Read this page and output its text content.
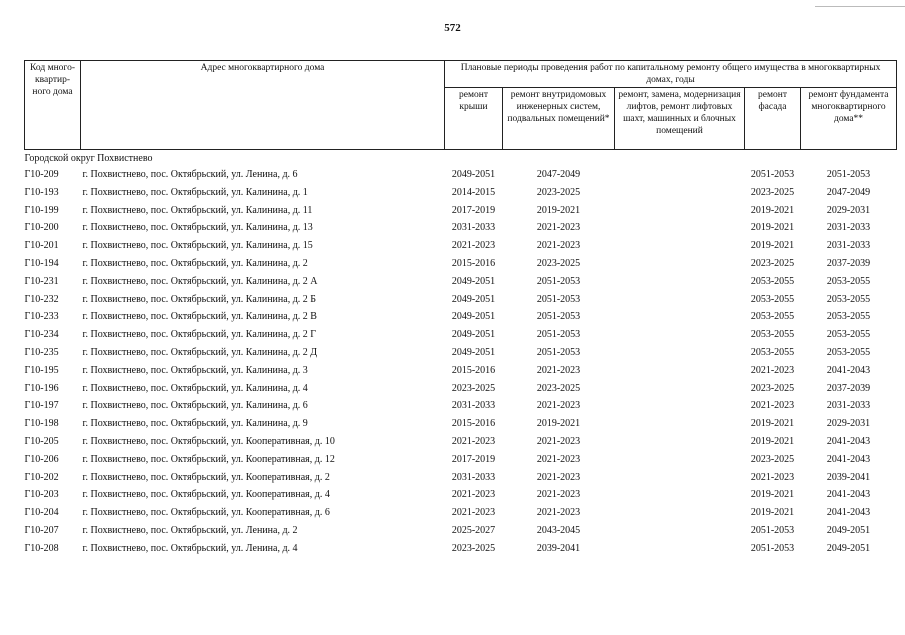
572
Код много-квартир-ного дома	Адрес многоквартирного дома	Плановые периоды проведения работ по капитальному ремонту общего имущества в многоквартирных домах, годы				
		ремонт крыши	ремонт внутридомовых инженерных систем, подвальных помещений*	ремонт, замена, модернизация лифтов, ремонт лифтовых шахт, машинных и блочных помещений	ремонт фасада	ремонт фундамента многоквартирного дома**
Городской округ Похвистнево						
Г10-209	г. Похвистнево, пос. Октябрьский, ул. Ленина, д. 6	2049-2051	2047-2049		2051-2053	2051-2053
Г10-193	г. Похвистнево, пос. Октябрьский, ул. Калинина, д. 1	2014-2015	2023-2025		2023-2025	2047-2049
Г10-199	г. Похвистнево, пос. Октябрьский, ул. Калинина, д. 11	2017-2019	2019-2021		2019-2021	2029-2031
Г10-200	г. Похвистнево, пос. Октябрьский, ул. Калинина, д. 13	2031-2033	2021-2023		2019-2021	2031-2033
Г10-201	г. Похвистнево, пос. Октябрьский, ул. Калинина, д. 15	2021-2023	2021-2023		2019-2021	2031-2033
Г10-194	г. Похвистнево, пос. Октябрьский, ул. Калинина, д. 2	2015-2016	2023-2025		2023-2025	2037-2039
Г10-231	г. Похвистнево, пос. Октябрьский, ул. Калинина, д. 2 А	2049-2051	2051-2053		2053-2055	2053-2055
Г10-232	г. Похвистнево, пос. Октябрьский, ул. Калинина, д. 2 Б	2049-2051	2051-2053		2053-2055	2053-2055
Г10-233	г. Похвистнево, пос. Октябрьский, ул. Калинина, д. 2 В	2049-2051	2051-2053		2053-2055	2053-2055
Г10-234	г. Похвистнево, пос. Октябрьский, ул. Калинина, д. 2 Г	2049-2051	2051-2053		2053-2055	2053-2055
Г10-235	г. Похвистнево, пос. Октябрьский, ул. Калинина, д. 2 Д	2049-2051	2051-2053		2053-2055	2053-2055
Г10-195	г. Похвистнево, пос. Октябрьский, ул. Калинина, д. 3	2015-2016	2021-2023		2021-2023	2041-2043
Г10-196	г. Похвистнево, пос. Октябрьский, ул. Калинина, д. 4	2023-2025	2023-2025		2023-2025	2037-2039
Г10-197	г. Похвистнево, пос. Октябрьский, ул. Калинина, д. 6	2031-2033	2021-2023		2021-2023	2031-2033
Г10-198	г. Похвистнево, пос. Октябрьский, ул. Калинина, д. 9	2015-2016	2019-2021		2019-2021	2029-2031
Г10-205	г. Похвистнево, пос. Октябрьский, ул. Кооперативная, д. 10	2021-2023	2021-2023		2019-2021	2041-2043
Г10-206	г. Похвистнево, пос. Октябрьский, ул. Кооперативная, д. 12	2017-2019	2021-2023		2023-2025	2041-2043
Г10-202	г. Похвистнево, пос. Октябрьский, ул. Кооперативная, д. 2	2031-2033	2021-2023		2021-2023	2039-2041
Г10-203	г. Похвистнево, пос. Октябрьский, ул. Кооперативная, д. 4	2021-2023	2021-2023		2019-2021	2041-2043
Г10-204	г. Похвистнево, пос. Октябрьский, ул. Кооперативная, д. 6	2021-2023	2021-2023		2019-2021	2041-2043
Г10-207	г. Похвистнево, пос. Октябрьский, ул. Ленина, д. 2	2025-2027	2043-2045		2051-2053	2049-2051
Г10-208	г. Похвистнево, пос. Октябрьский, ул. Ленина, д. 4	2023-2025	2039-2041		2051-2053	2049-2051
